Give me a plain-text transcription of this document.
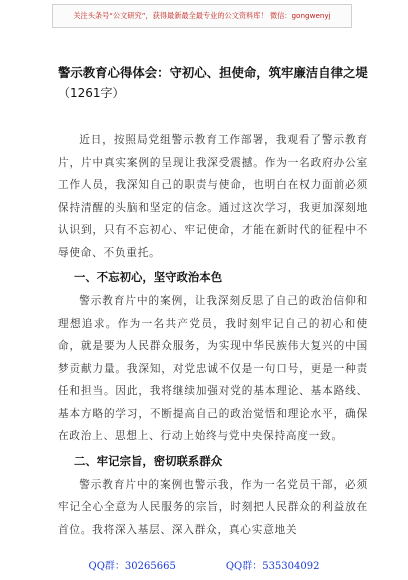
关注头条号“公文研究”，获得最新最全最专业的公文资料库！ 微信：gongwenyj
警示教育心得体会：守初心、担使命，筑牢廉洁自律之堤
（1261字）

近日，按照局党组警示教育工作部署，我观看了警示教育片，片中真实案例的呈现让我深受震撼。作为一名政府办公室工作人员，我深知自己的职责与使命，也明白在权力面前必须保持清醒的头脑和坚定的信念。通过这次学习，我更加深刻地认识到，只有不忘初心、牢记使命，才能在新时代的征程中不辱使命、不负重托。

一、不忘初心，坚守政治本色

警示教育片中的案例，让我深刻反思了自己的政治信仰和理想追求。作为一名共产党员，我时刻牢记自己的初心和使命，就是要为人民群众服务，为实现中华民族伟大复兴的中国梦贡献力量。我深知，对党忠诚不仅是一句口号，更是一种责任和担当。因此，我将继续加强对党的基本理论、基本路线、基本方略的学习，不断提高自己的政治觉悟和理论水平，确保在政治上、思想上、行动上始终与党中央保持高度一致。

二、牢记宗旨，密切联系群众

警示教育片中的案例也警示我，作为一名党员干部，必须牢记全心全意为人民服务的宗旨，时刻把人民群众的利益放在首位。我将深入基层、深入群众，真心实意地关

QQ群：30265665	QQ群：535304092
